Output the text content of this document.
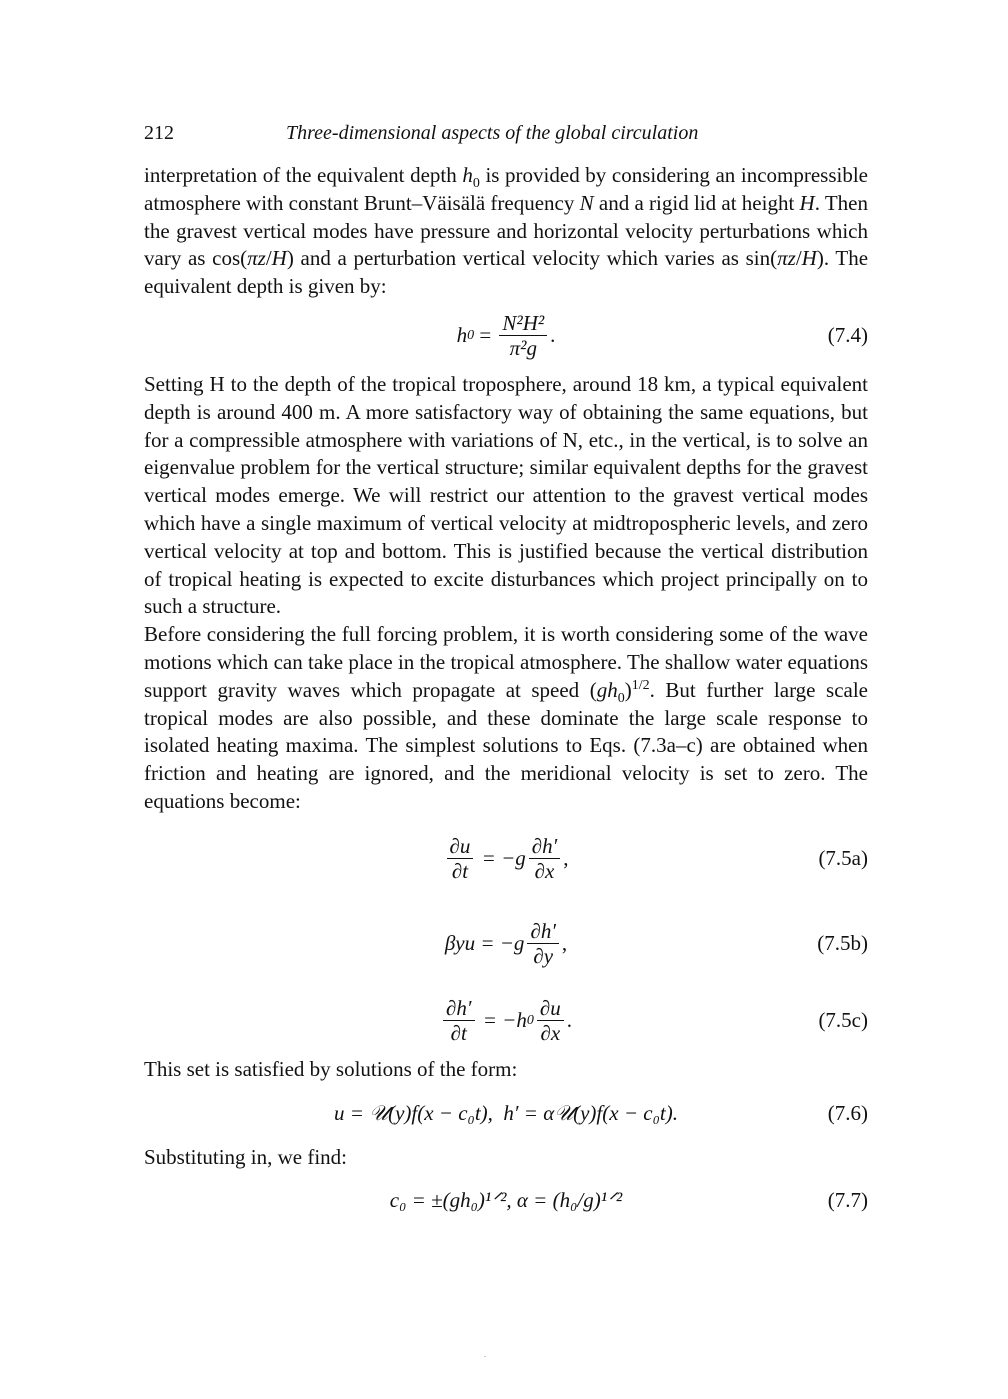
212	Three-dimensional aspects of the global circulation

interpretation of the equivalent depth $h_0$ is provided by considering an incompressible atmosphere with constant Brunt–Väisälä frequency N and a rigid lid at height H. Then the gravest vertical modes have pressure and horizontal velocity perturbations which vary as cos(πz/H) and a perturbation vertical velocity which varies as sin(πz/H). The equivalent depth is given by:

h $0 = \frac{\text{N²H²}}{\text{π²g}}$ .	(7.4)

Setting H to the depth of the tropical troposphere, around 18 km, a typical equivalent depth is around 400 m. A more satisfactory way of obtaining the same equations, but for a compressible atmosphere with variations of N, etc., in the vertical, is to solve an eigenvalue problem for the vertical structure; similar equivalent depths for the gravest vertical modes emerge. We will restrict our attention to the gravest vertical modes which have a single maximum of vertical velocity at midtropospheric levels, and zero vertical velocity at top and bottom. This is justified because the vertical distribution of tropical heating is expected to excite disturbances which project principally on to such a structure.

Before considering the full forcing problem, it is worth considering some of the wave motions which can take place in the tropical atmosphere. The shallow water equations support gravity waves which propagate at speed $(gh_0)^{1/2}$. But further large scale tropical modes are also possible, and these dominate the large scale response to isolated heating maxima. The simplest solutions to Eqs. (7.3a–c) are obtained when friction and heating are ignored, and the meridional velocity is set to zero. The equations become:

$\frac{\partial u}{\partial t} = -g \frac{\partial h'}{\partial x}$ ,	(7.5a)
$\beta yu = -g \frac{\partial h'}{\partial y}$ ,	(7.5b)
$\frac{\partial h'}{\partial t} = -h$ $0 \frac{\partial u}{\partial x}$ .	(7.5c)

This set is satisfied by solutions of the form:

u = 𝒰(y)f(x − c₀t),  h′ = α𝒰(y)f(x − c₀t).	(7.6)

Substituting in, we find:

c₀ = ±(gh₀)¹ᐟ², α = (h₀/g)¹ᐟ²	(7.7)
